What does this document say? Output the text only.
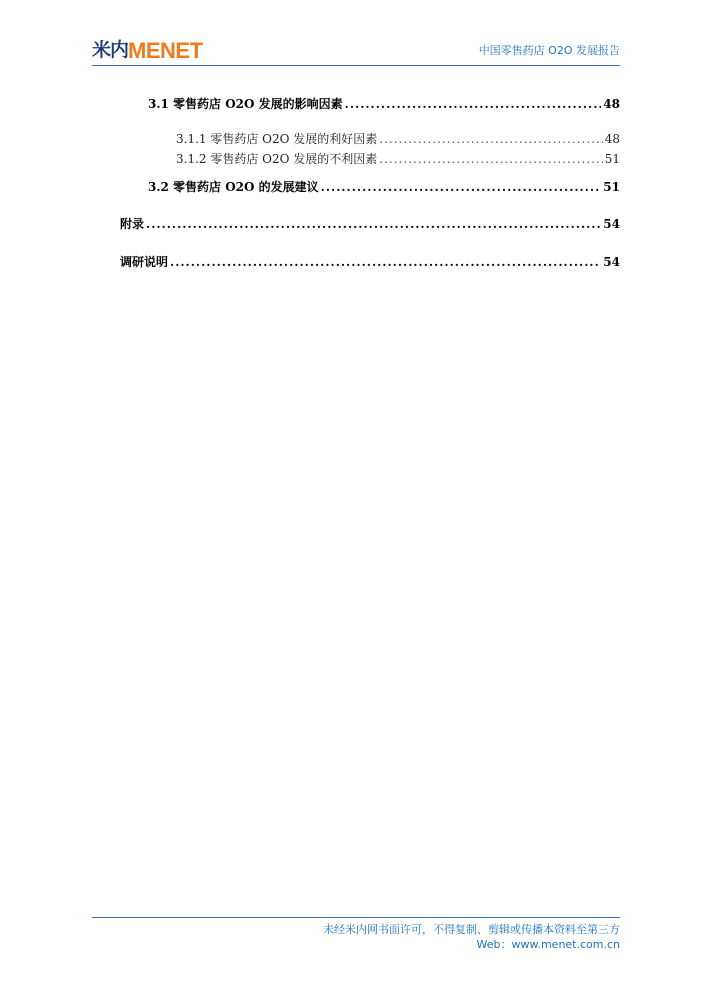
米内 MENET	中国零售药店 O2O 发展报告
3.1 零售药店 O2O 发展的影响因素 .....	48
3.1.1 零售药店 O2O 发展的利好因素 .....	48
3.1.2 零售药店 O2O 发展的不利因素 .....	51
3.2 零售药店 O2O 的发展建议 .....	51
附录 .....	54
调研说明 .....	54
未经米内网书面许可，不得复制、剪辑或传播本资料至第三方
Web：www.menet.com.cn
